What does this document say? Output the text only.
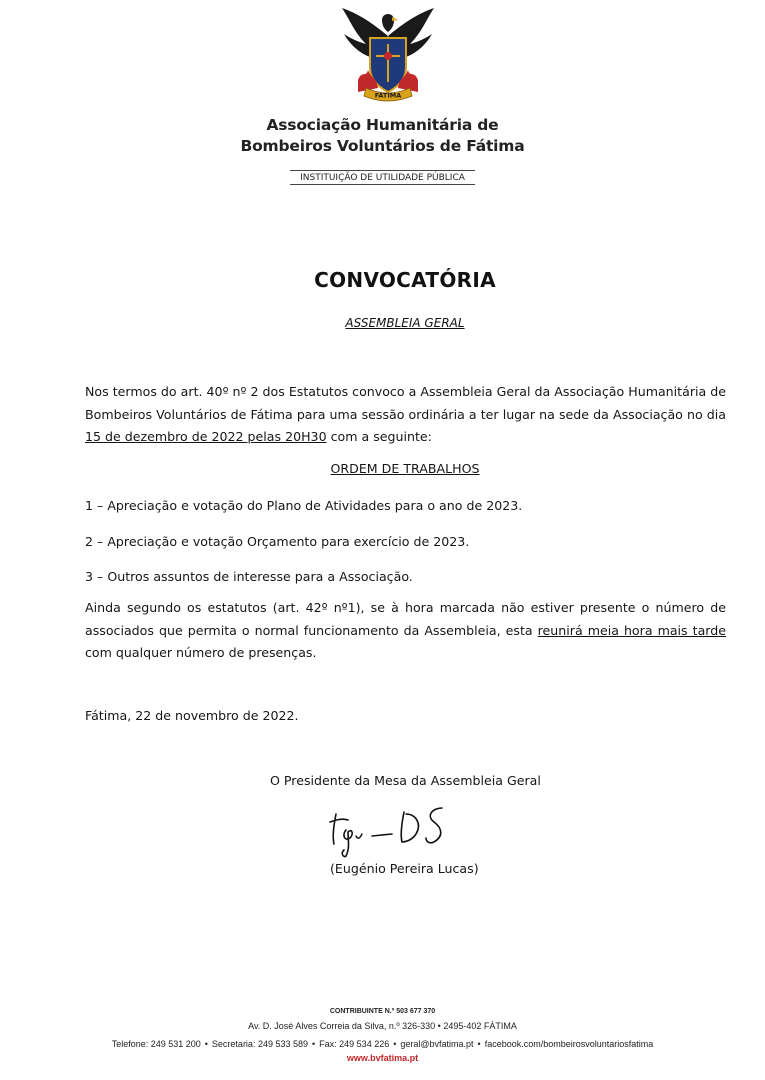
FÁTIMA
Associação Humanitária de
Bombeiros Voluntários de Fátima
INSTITUIÇÃO DE UTILIDADE PÚBLICA
CONVOCATÓRIA
ASSEMBLEIA GERAL
Nos termos do art. 40º nº 2 dos Estatutos convoco a Assembleia Geral da Associação Humanitária de Bombeiros Voluntários de Fátima para uma sessão ordinária a ter lugar na sede da Associação no dia 15 de dezembro de 2022 pelas 20H30 com a seguinte:
ORDEM DE TRABALHOS
1 – Apreciação e votação do Plano de Atividades para o ano de 2023.
2 – Apreciação e votação Orçamento para exercício de 2023.
3 – Outros assuntos de interesse para a Associação.
Ainda segundo os estatutos (art. 42º nº1), se à hora marcada não estiver presente o número de associados que permita o normal funcionamento da Assembleia, esta reunirá meia hora mais tarde com qualquer número de presenças.
Fátima, 22 de novembro de 2022.
O Presidente da Mesa da Assembleia Geral
(Eugénio Pereira Lucas)
CONTRIBUINTE N.º 503 677 370
Av. D. José Alves Correia da Silva, n.º 326-330 • 2495-402 FÁTIMA
Telefone: 249 531 200 • Secretaria: 249 533 589 • Fax: 249 534 226 • geral@bvfatima.pt • facebook.com/bombeirosvoluntariosfatima
www.bvfatima.pt
